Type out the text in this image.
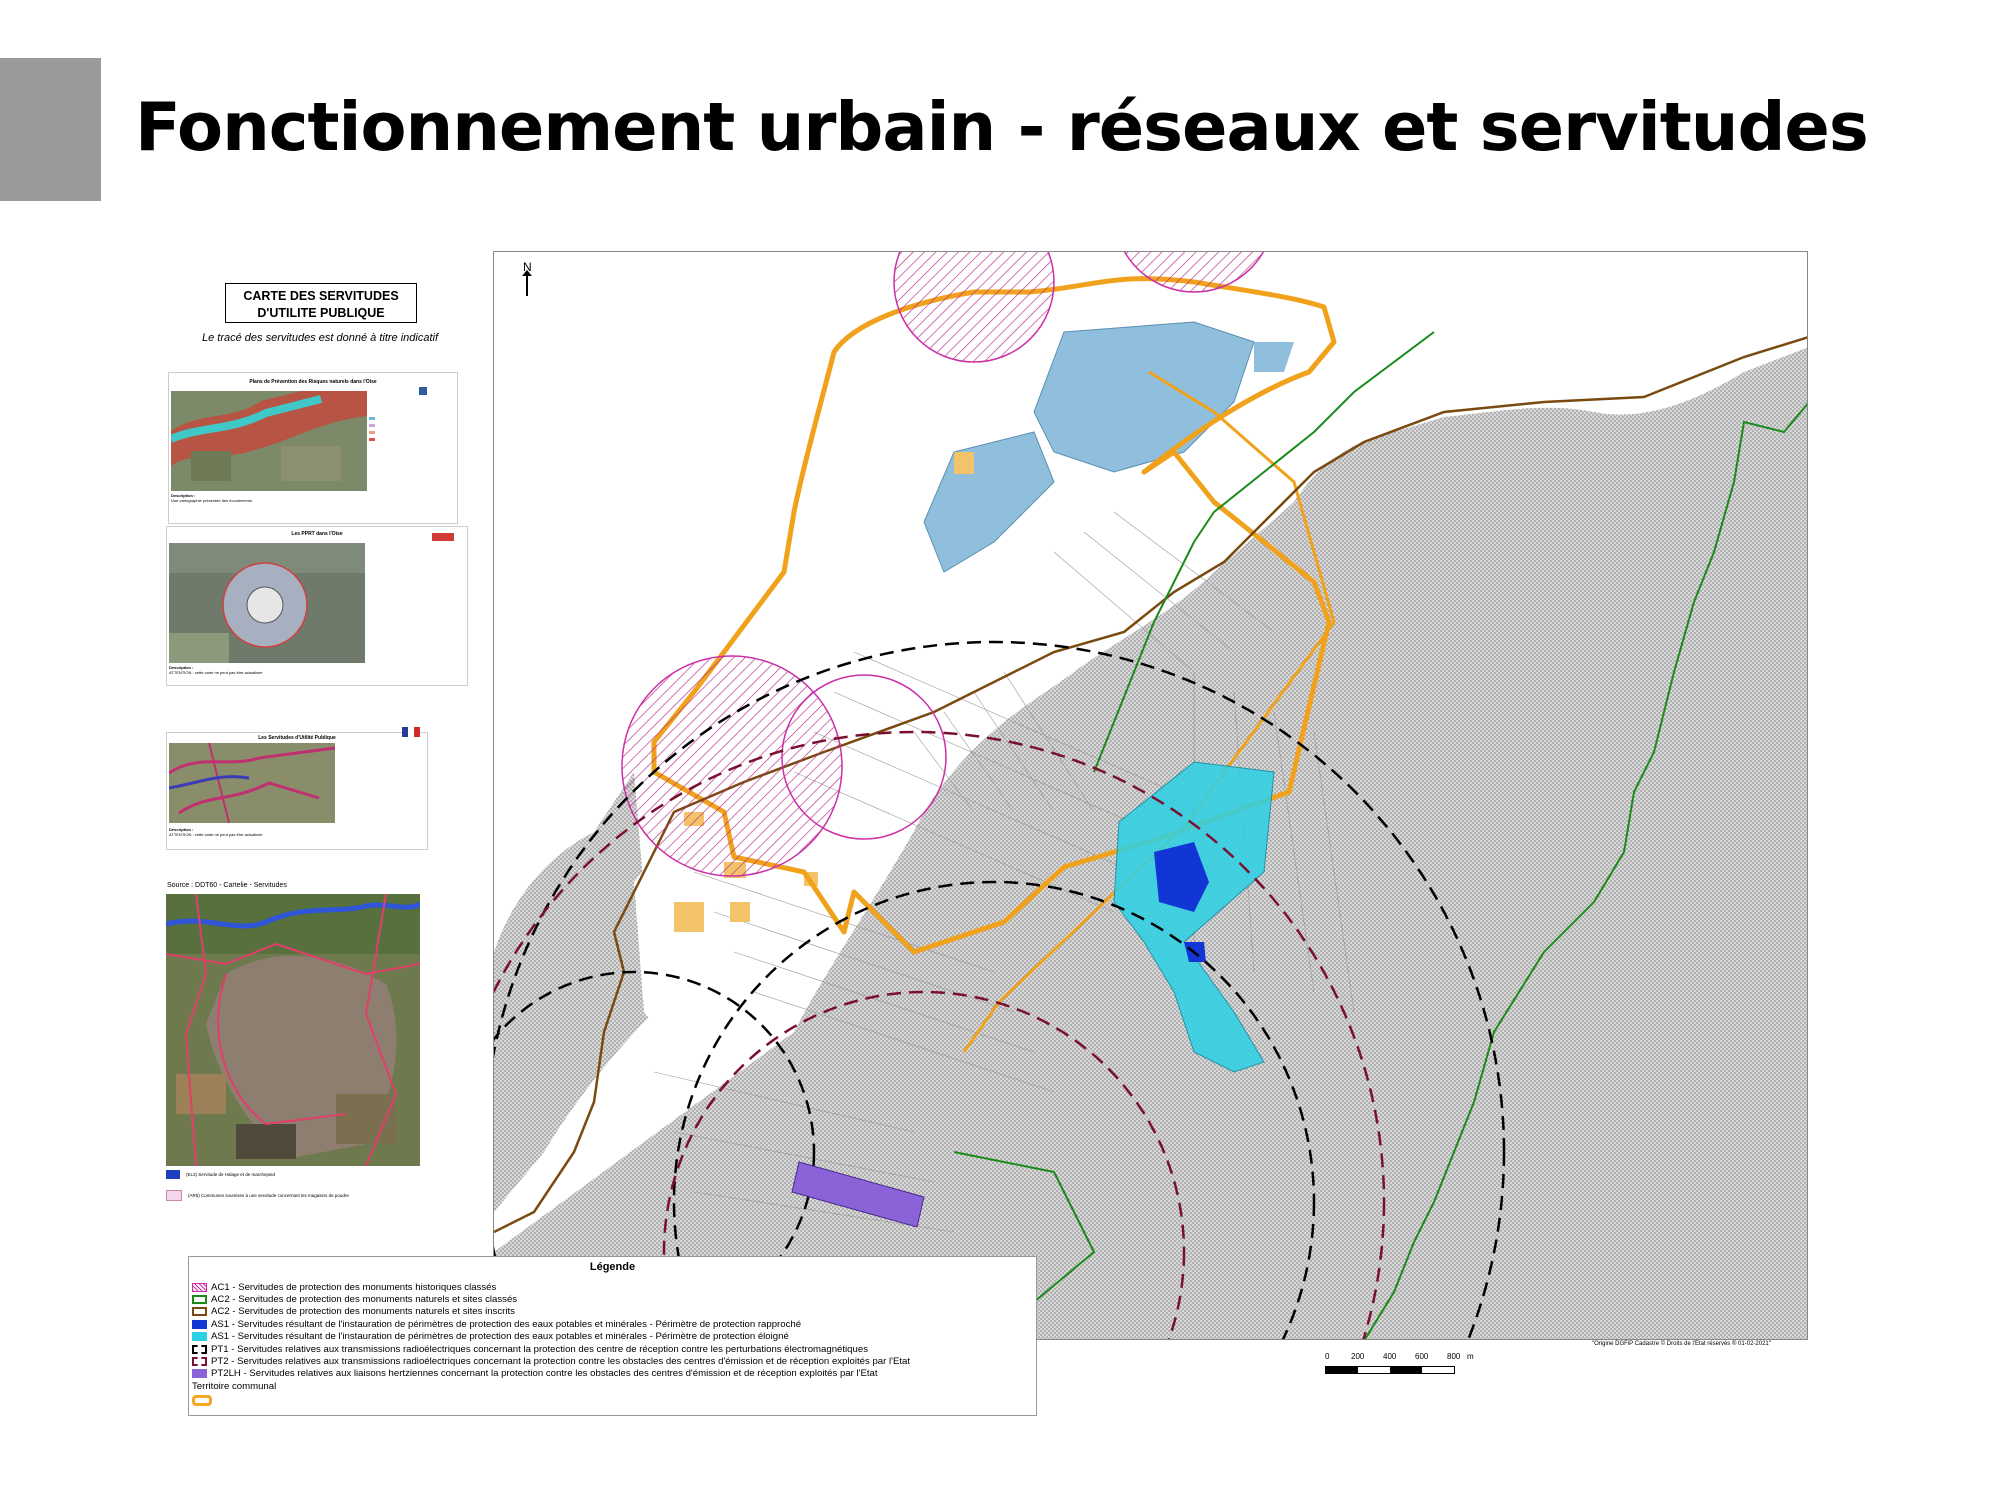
Fonctionnement urbain - réseaux et servitudes
CARTE DES SERVITUDES
D'UTILITE PUBLIQUE
Le tracé des servitudes est donné à titre indicatif
Plans de Prévention des Risques naturels dans l'Oise
Description :
Une cartographie présentée des écoulements
Les PPRT dans l'Oise
Description :
ATTENTION : cette carte ne peut pas être actualisée
Les Servitudes d'Utilité Publique
Description :
ATTENTION : cette carte ne peut pas être actualisée
Source : DDT60 - Cartelie - Servitudes
(EL3) Servitude de Halage et de marchepied
(AR5) Communes soumises à une servitude concernant les magasins de poudre
N
Légende
AC1 - Servitudes de protection des monuments historiques classés
AC2 - Servitudes de protection des monuments naturels et sites classés
AC2 - Servitudes de protection des monuments naturels et sites inscrits
AS1 - Servitudes résultant de l'instauration de périmètres de protection des eaux potables et minérales - Périmètre de protection rapproché
AS1 - Servitudes résultant de l'instauration de périmètres de protection des eaux potables et minérales - Périmètre de protection éloigné
PT1 - Servitudes relatives aux transmissions radioélectriques concernant la protection des centre de réception contre les perturbations électromagnétiques
PT2 - Servitudes relatives aux transmissions radioélectriques concernant la protection contre les obstacles des centres d'émission et de réception exploités par l'Etat
PT2LH - Servitudes relatives aux liaisons hertziennes concernant la protection contre les obstacles des centres d'émission et de réception exploités par l'Etat
Territoire communal
0	200 400 600 800 m
"Origine DGFiP Cadastre © Droits de l'Etat réservés ® 01-02-2021"
